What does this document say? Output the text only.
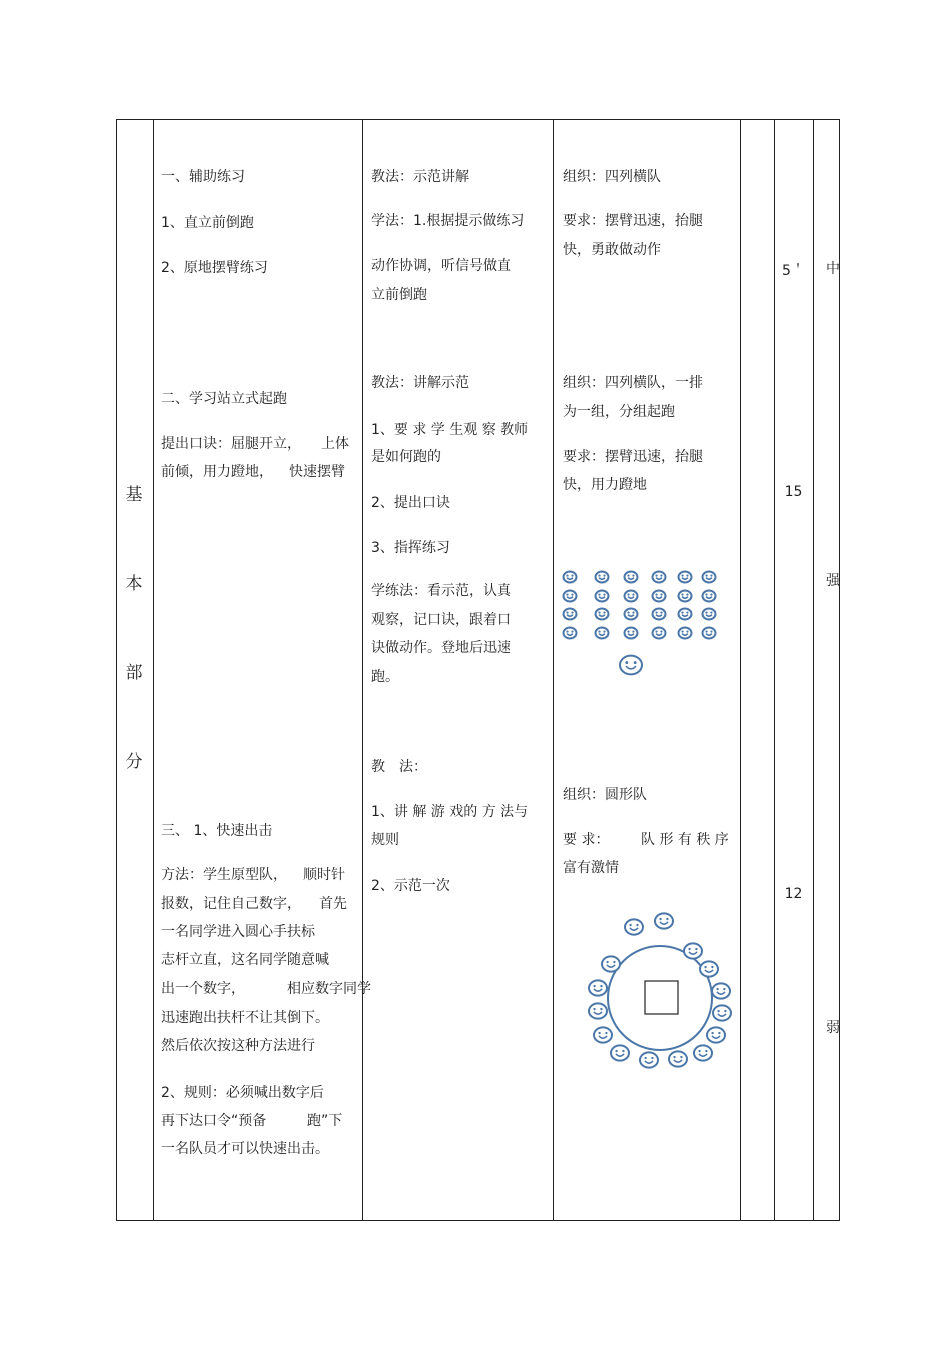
基
本
部
分
一、辅助练习
1、直立前倒跑
2、原地摆臂练习
二、学习站立式起跑
提出口诀：屈腿开立， 上体
前倾，用力蹬地， 快速摆臂
三、 1、快速出击
方法：学生原型队， 顺时针
报数，记住自己数字， 首先
一名同学进入圆心手扶标
志杆立直，这名同学随意喊
出一个数字，	相应数字同学
迅速跑出扶杆不让其倒下。
然后依次按这种方法进行
2、规则：必须喊出数字后
再下达口令“预备	跑”下
一名队员才可以快速出击。
教法：示范讲解
学法：1.根据提示做练习
动作协调，听信号做直
立前倒跑
教法：讲解示范
1、要 求 学 生观 察 教师
是如何跑的
2、提出口诀
3、指挥练习
学练法：看示范，认真
观察，记口诀，跟着口
诀做动作。登地后迅速
跑。
教　法：
1、讲 解 游 戏的 方 法与
规则
2、示范一次
组织：四列横队
要求：摆臂迅速，抬腿
快，勇敢做动作
组织：四列横队，一排
为一组，分组起跑
要求：摆臂迅速，抬腿
快，用力蹬地
组织：圆形队
要 求： 队 形 有 秩 序
富有激情
5＇
15
12
中
强
弱
